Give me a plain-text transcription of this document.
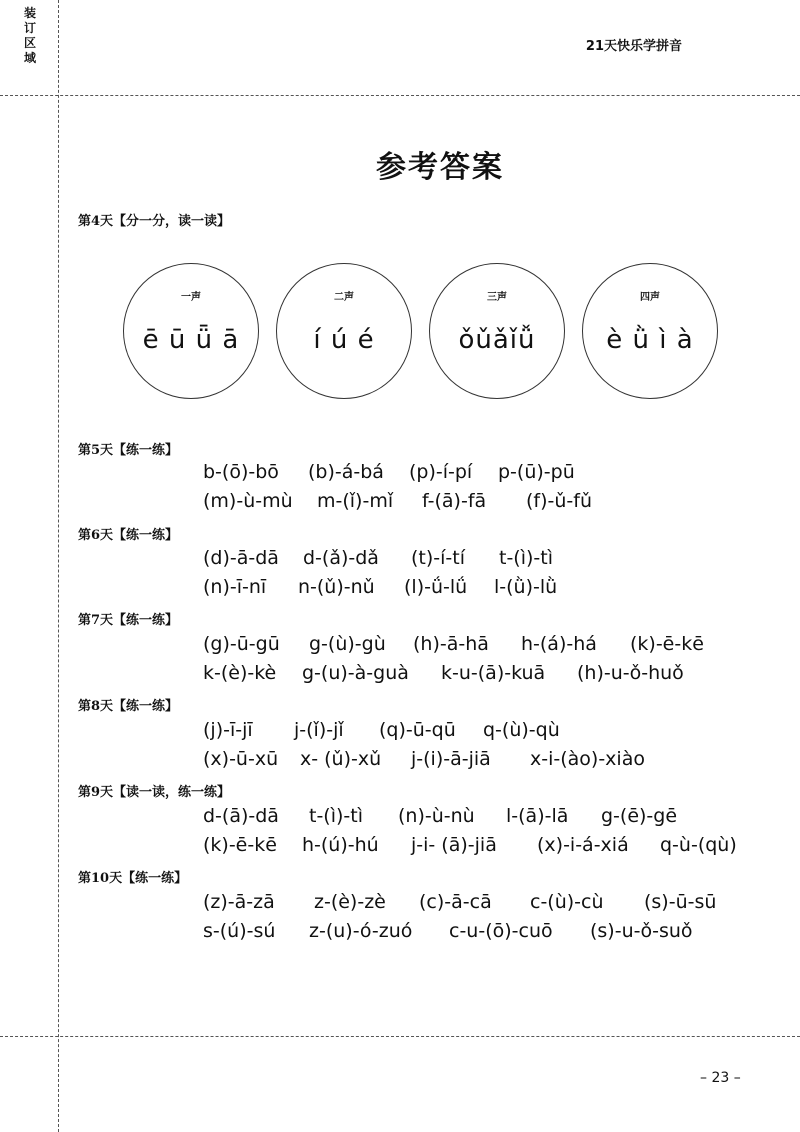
装
订
区
域
21天快乐学拼音
参考答案
第4天【分一分，读一读】
一声
ē ū ǖ ā
二声
í ú é
三声
ǒǔǎǐǚ
四声
è ǜ ì à
第5天【练一练】
b-(ō)-bō (b)-á-bá (p)-í-pí p-(ū)-pū
(m)-ù-mù m-(ǐ)-mǐ f-(ā)-fā (f)-ǔ-fǔ
第6天【练一练】
(d)-ā-dā d-(ǎ)-dǎ (t)-í-tí t-(ì)-tì
(n)-ī-nī n-(ǔ)-nǔ (l)-ǘ-lǘ l-(ǜ)-lǜ
第7天【练一练】
(g)-ū-gū g-(ù)-gù (h)-ā-hā h-(á)-há (k)-ē-kē
k-(è)-kè g-(u)-à-guà k-u-(ā)-kuā (h)-u-ǒ-huǒ
第8天【练一练】
(j)-ī-jī j-(ǐ)-jǐ (q)-ū-qū q-(ù)-qù
(x)-ū-xū x- (ǔ)-xǔ j-(i)-ā-jiā x-i-(ào)-xiào
第9天【读一读，练一练】
d-(ā)-dā t-(ì)-tì (n)-ù-nù l-(ā)-lā g-(ē)-gē
(k)-ē-kē h-(ú)-hú j-i- (ā)-jiā (x)-i-á-xiá q-ù-(qù)
第10天【练一练】
(z)-ā-zā z-(è)-zè (c)-ā-cā c-(ù)-cù (s)-ū-sū
s-(ú)-sú z-(u)-ó-zuó c-u-(ō)-cuō (s)-u-ǒ-suǒ
– 23 –
